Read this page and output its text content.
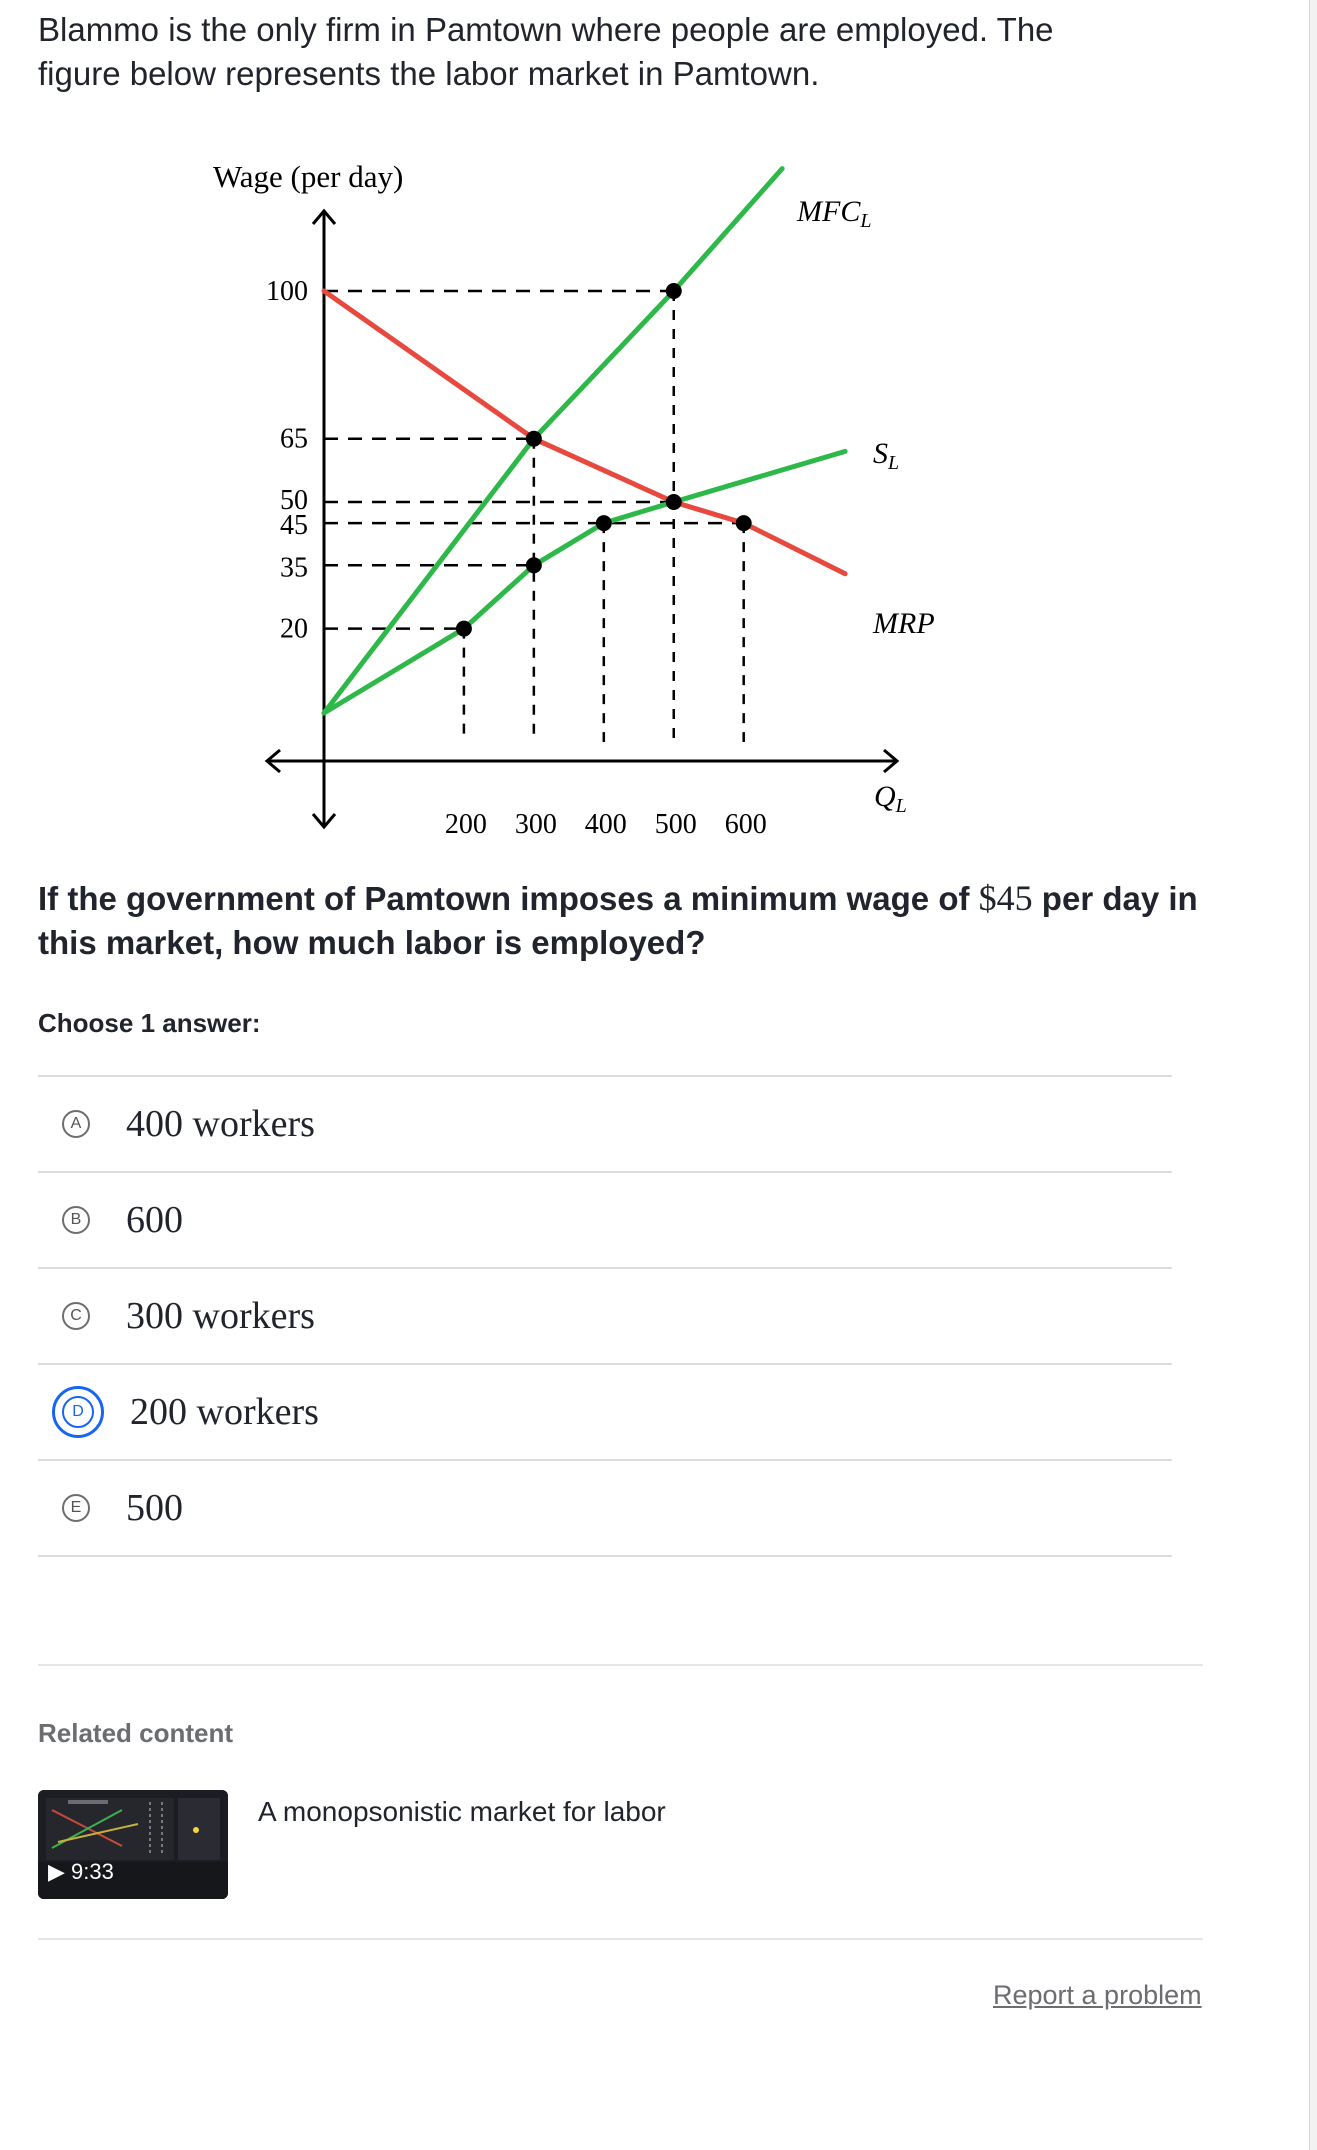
Blammo is the only firm in Pamtown where people are employed. The
figure below represents the labor market in Pamtown.
100
65
50
45
35
20
200 300 400 500 600
Wage (per day)
$MFC_L$
$S_L$
MRP
$Q_L$
If the government of Pamtown imposes a minimum wage of $45 per day in this market, how much labor is employed?
Choose 1 answer:
A 400 workers
B 600
C 300 workers
D 200 workers
E 500
Related content
▶ 9:33
A monopsonistic market for labor
Report a problem
